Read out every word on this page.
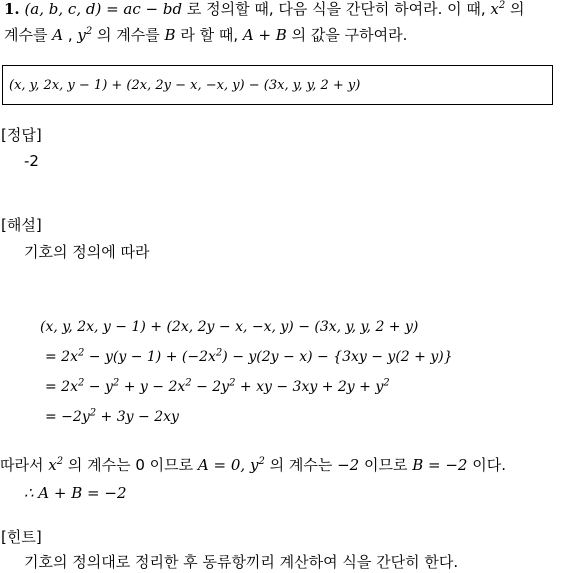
1. (a, b, c, d) = ac − bd 로 정의할 때, 다음 식을 간단히 하여라. 이 때, $x^2$ 의
계수를 A , $y^2$ 의 계수를 B 라 할 때, A + B 의 값을 구하여라.
(x, y, 2x, y − 1) + (2x, 2y − x, −x, y) − (3x, y, y, 2 + y)
[정답]
-2
[해설]
기호의 정의에 따라
(x, y, 2x, y − 1) + (2x, 2y − x, −x, y) − (3x, y, y, 2 + y)
= $2x^2 - y(y - 1) + (-2x^2) - y(2y - x) - \{3xy - y(2 + y)\}$
= $2x^2 - y^2 + y - 2x^2 - 2y^2$ + xy − $3xy + 2y + y^2$
= $-2y^2 + 3y - 2xy$
따라서 $x^2$ 의 계수는 0 이므로 A = 0, $y^2$ 의 계수는 −2 이므로 B = −2 이다.
∴ A + B = −2
[힌트]
기호의 정의대로 정리한 후 동류항끼리 계산하여 식을 간단히 한다.
